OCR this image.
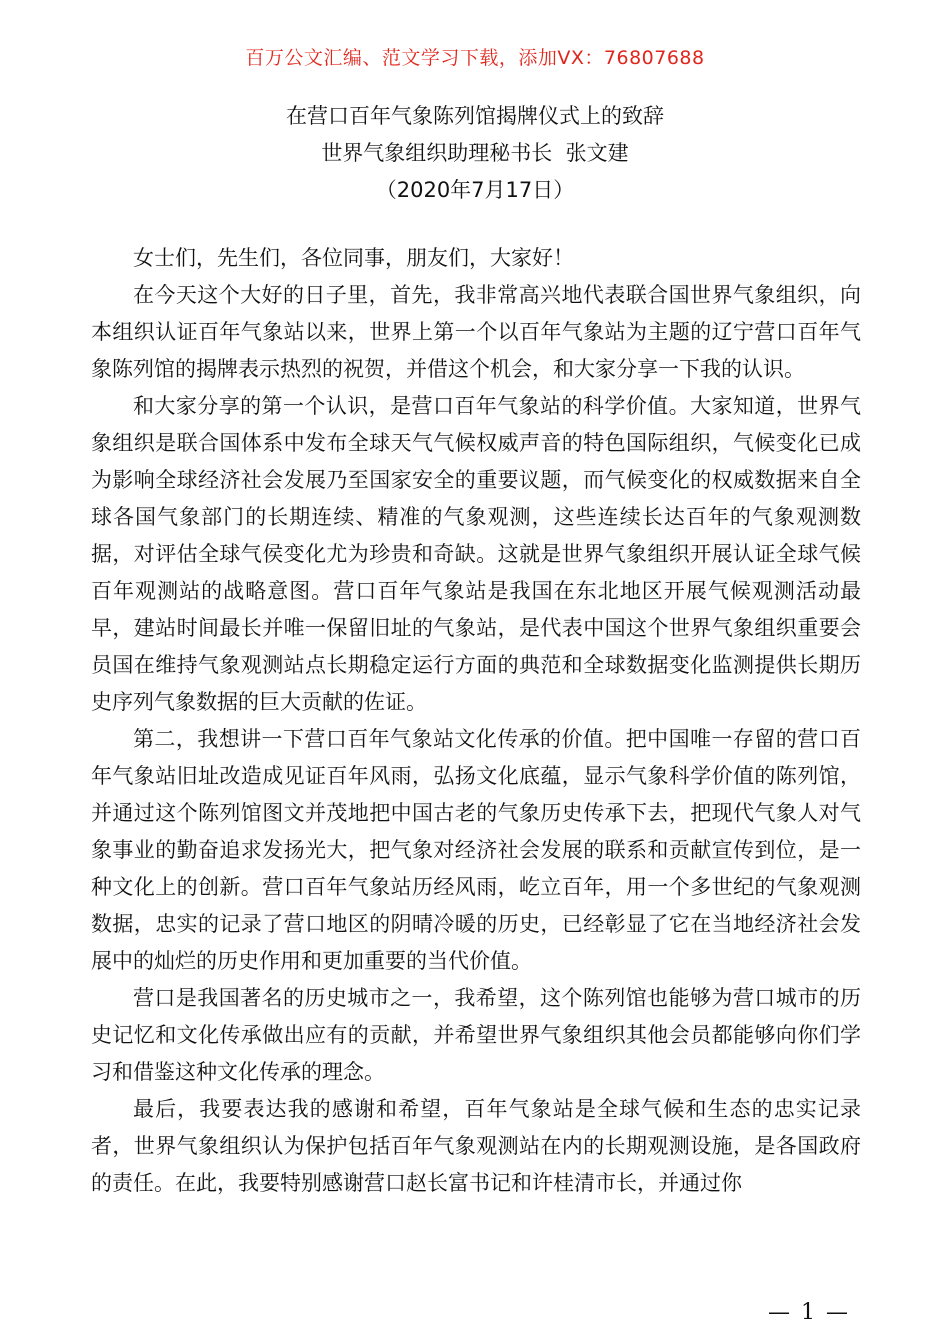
百万公文汇编、范文学习下载，添加VX：76807688
在营口百年气象陈列馆揭牌仪式上的致辞
世界气象组织助理秘书长  张文建
（2020年7月17日）

女士们，先生们，各位同事，朋友们，大家好！

在今天这个大好的日子里，首先，我非常高兴地代表联合国世界气象组织，向本组织认证百年气象站以来，世界上第一个以百年气象站为主题的辽宁营口百年气象陈列馆的揭牌表示热烈的祝贺，并借这个机会，和大家分享一下我的认识。

和大家分享的第一个认识，是营口百年气象站的科学价值。大家知道，世界气象组织是联合国体系中发布全球天气气候权威声音的特色国际组织，气候变化已成为影响全球经济社会发展乃至国家安全的重要议题，而气候变化的权威数据来自全球各国气象部门的长期连续、精准的气象观测，这些连续长达百年的气象观测数据，对评估全球气侯变化尤为珍贵和奇缺。这就是世界气象组织开展认证全球气候百年观测站的战略意图。营口百年气象站是我国在东北地区开展气候观测活动最早，建站时间最长并唯一保留旧址的气象站，是代表中国这个世界气象组织重要会员国在维持气象观测站点长期稳定运行方面的典范和全球数据变化监测提供长期历史序列气象数据的巨大贡献的佐证。

第二，我想讲一下营口百年气象站文化传承的价值。把中国唯一存留的营口百年气象站旧址改造成见证百年风雨，弘扬文化底蕴，显示气象科学价值的陈列馆，并通过这个陈列馆图文并茂地把中国古老的气象历史传承下去，把现代气象人对气象事业的勤奋追求发扬光大，把气象对经济社会发展的联系和贡献宣传到位，是一种文化上的创新。营口百年气象站历经风雨，屹立百年，用一个多世纪的气象观测数据，忠实的记录了营口地区的阴晴冷暖的历史，已经彰显了它在当地经济社会发展中的灿烂的历史作用和更加重要的当代价值。

营口是我国著名的历史城市之一，我希望，这个陈列馆也能够为营口城市的历史记忆和文化传承做出应有的贡献，并希望世界气象组织其他会员都能够向你们学习和借鉴这种文化传承的理念。

最后，我要表达我的感谢和希望，百年气象站是全球气候和生态的忠实记录者，世界气象组织认为保护包括百年气象观测站在内的长期观测设施，是各国政府的责任。在此，我要特别感谢营口赵长富书记和许桂清市长，并通过你

— 1 —
